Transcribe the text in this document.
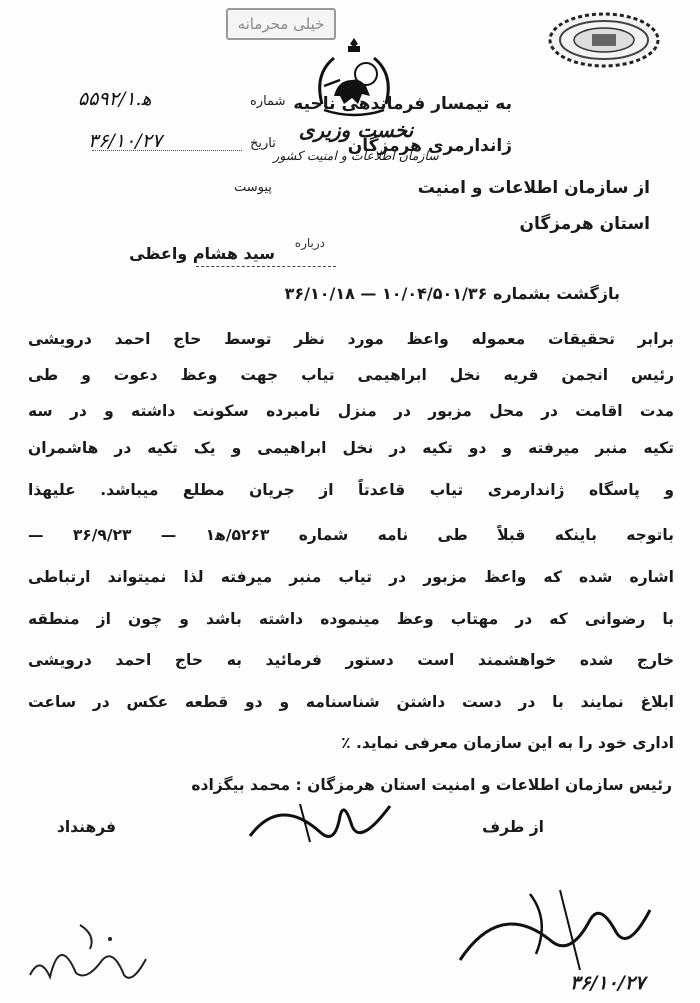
خیلی محرمانه
شماره
۵۵۹۲/ه‍.۱
تاریخ
۳۶/۱۰/۲۷
پیوست
نخست وزیری
سازمان اطلاعات و امنیت کشور
به تیمسار فرماندهی ناحیه
ژاندارمری هرمزگان
از سازمان اطلاعات و امنیت
استان هرمزگان
درباره
سید هشام واعظی
بازگشت بشماره ۱۰/۰۴/۵۰۱/۳۶ — ۳۶/۱۰/۱۸
برابر تحقیقات معموله واعظ مورد نظر توسط حاج احمد درویشی
رئیس انجمن قریه نخل ابراهیمی تیاب جهت وعظ دعوت و طی
مدت اقامت در محل مزبور در منزل نامبرده سکونت داشته و در سه
تکیه منبر میرفته و دو تکیه در نخل ابراهیمی و یک تکیه در هاشمران
و پاسگاه ژاندارمری تیاب قاعدتاً از جریان مطلع میباشد. علیهذا
باتوجه باینکه قبلاً طی نامه شماره ۵۲۶۳/ه‍۱ — ۳۶/۹/۲۳ —
اشاره شده که واعظ مزبور در تیاب منبر میرفته لذا نمیتواند ارتباطی
با رضوانی که در مهتاب وعظ مینموده داشته باشد و چون از منطقه
خارج شده خواهشمند است دستور فرمائید به حاج احمد درویشی
ابلاغ نمایند با در دست داشتن شناسنامه و دو قطعه عکس در ساعت
اداری خود را به این سازمان معرفی نماید. ٪
رئیس سازمان اطلاعات و امنیت استان هرمزگان : محمد بیگزاده
از طرف
فرهنداد
۳۶/۱۰/۲۷
